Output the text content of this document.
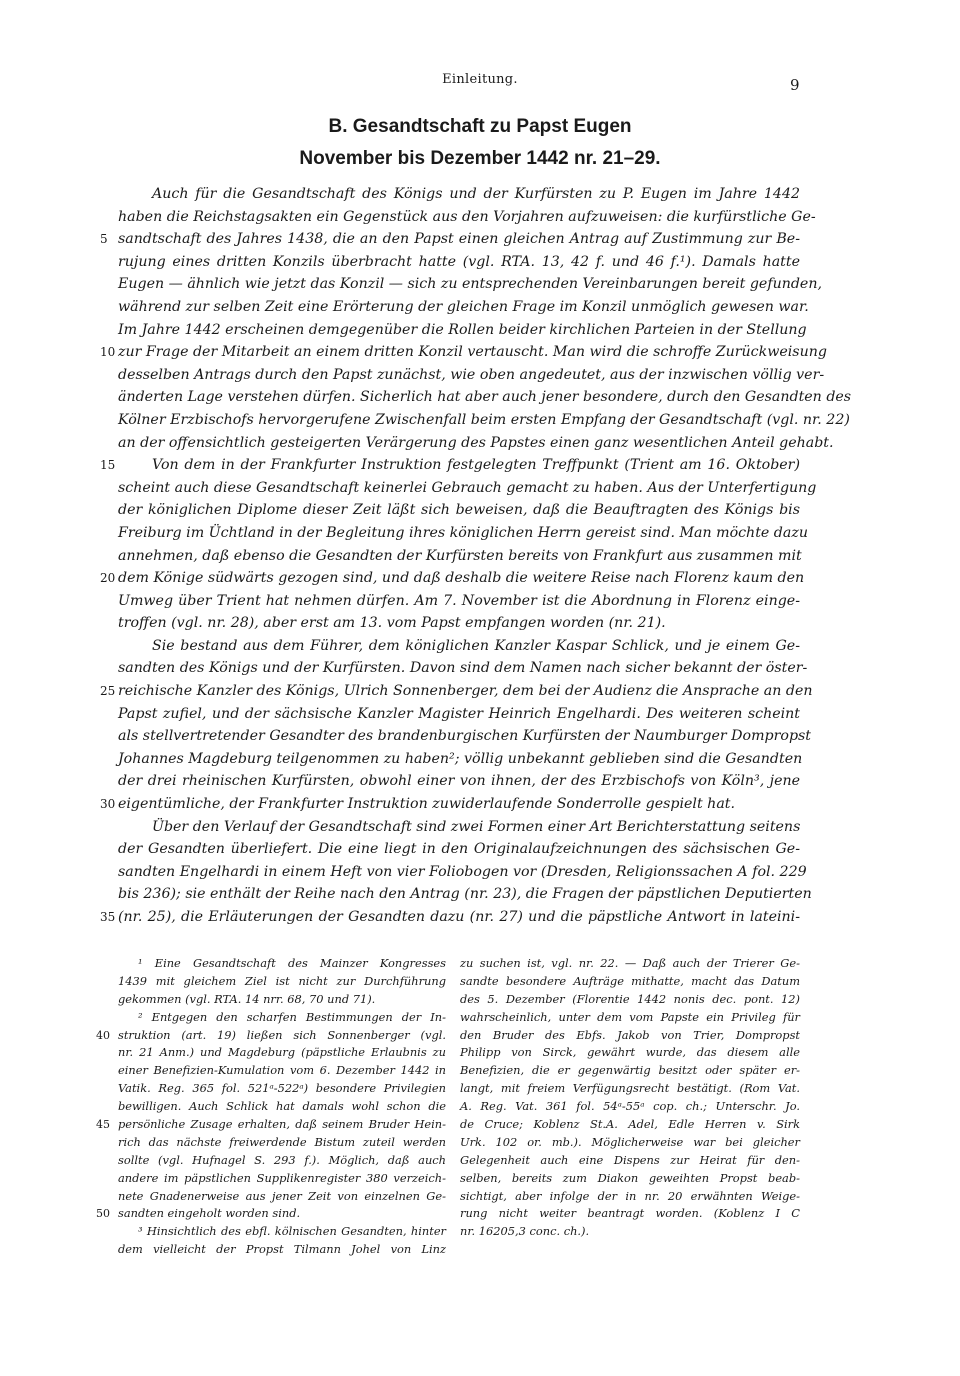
Einleitung.	9
B. Gesandtschaft zu Papst Eugen
November bis Dezember 1442 nr. 21–29.
Auch für die Gesandtschaft des Königs und der Kurfürsten zu P. Eugen im Jahre 1442
haben die Reichstagsakten ein Gegenstück aus den Vorjahren aufzuweisen: die kurfürstliche Ge-
5 sandtschaft des Jahres 1438, die an den Papst einen gleichen Antrag auf Zustimmung zur Be-
rujung eines dritten Konzils überbracht hatte (vgl. RTA. 13, 42 f. und 46 f.¹). Damals hatte
Eugen — ähnlich wie jetzt das Konzil — sich zu entsprechenden Vereinbarungen bereit gefunden,
während zur selben Zeit eine Erörterung der gleichen Frage im Konzil unmöglich gewesen war.
Im Jahre 1442 erscheinen demgegenüber die Rollen beider kirchlichen Parteien in der Stellung
10 zur Frage der Mitarbeit an einem dritten Konzil vertauscht. Man wird die schroffe Zurückweisung
desselben Antrags durch den Papst zunächst, wie oben angedeutet, aus der inzwischen völlig ver-
änderten Lage verstehen dürfen. Sicherlich hat aber auch jener besondere, durch den Gesandten des
Kölner Erzbischofs hervorgerufene Zwischenfall beim ersten Empfang der Gesandtschaft (vgl. nr. 22)
an der offensichtlich gesteigerten Verärgerung des Papstes einen ganz wesentlichen Anteil gehabt.
15	Von dem in der Frankfurter Instruktion festgelegten Treffpunkt (Trient am 16. Oktober)
scheint auch diese Gesandtschaft keinerlei Gebrauch gemacht zu haben. Aus der Unterfertigung
der königlichen Diplome dieser Zeit läßt sich beweisen, daß die Beauftragten des Königs bis
Freiburg im Üchtland in der Begleitung ihres königlichen Herrn gereist sind. Man möchte dazu
annehmen, daß ebenso die Gesandten der Kurfürsten bereits von Frankfurt aus zusammen mit
20 dem Könige südwärts gezogen sind, und daß deshalb die weitere Reise nach Florenz kaum den
Umweg über Trient hat nehmen dürfen. Am 7. November ist die Abordnung in Florenz einge-
troffen (vgl. nr. 28), aber erst am 13. vom Papst empfangen worden (nr. 21).
Sie bestand aus dem Führer, dem königlichen Kanzler Kaspar Schlick, und je einem Ge-
sandten des Königs und der Kurfürsten. Davon sind dem Namen nach sicher bekannt der öster-
25 reichische Kanzler des Königs, Ulrich Sonnenberger, dem bei der Audienz die Ansprache an den
Papst zufiel, und der sächsische Kanzler Magister Heinrich Engelhardi. Des weiteren scheint
als stellvertretender Gesandter des brandenburgischen Kurfürsten der Naumburger Dompropst
Johannes Magdeburg teilgenommen zu haben²; völlig unbekannt geblieben sind die Gesandten
der drei rheinischen Kurfürsten, obwohl einer von ihnen, der des Erzbischofs von Köln³, jene
30 eigentümliche, der Frankfurter Instruktion zuwiderlaufende Sonderrolle gespielt hat.
Über den Verlauf der Gesandtschaft sind zwei Formen einer Art Berichterstattung seitens
der Gesandten überliefert. Die eine liegt in den Originalaufzeichnungen des sächsischen Ge-
sandten Engelhardi in einem Heft von vier Foliobogen vor (Dresden, Religionssachen A fol. 229
bis 236); sie enthält der Reihe nach den Antrag (nr. 23), die Fragen der päpstlichen Deputierten
35 (nr. 25), die Erläuterungen der Gesandten dazu (nr. 27) und die päpstliche Antwort in lateini-
¹ Eine Gesandtschaft des Mainzer Kongresses
1439 mit gleichem Ziel ist nicht zur Durchführung
gekommen (vgl. RTA. 14 nrr. 68, 70 und 71).
² Entgegen den scharfen Bestimmungen der In-
40 struktion (art. 19) ließen sich Sonnenberger (vgl.
nr. 21 Anm.) und Magdeburg (päpstliche Erlaubnis zu
einer Benefizien-Kumulation vom 6. Dezember 1442 in
Vatik. Reg. 365 fol. 521ᵃ-522ᵃ) besondere Privilegien
bewilligen. Auch Schlick hat damals wohl schon die
45 persönliche Zusage erhalten, daß seinem Bruder Hein-
rich das nächste freiwerdende Bistum zuteil werden
sollte (vgl. Hufnagel S. 293 f.). Möglich, daß auch
andere im päpstlichen Supplikenregister 380 verzeich-
nete Gnadenerweise aus jener Zeit von einzelnen Ge-
50 sandten eingeholt worden sind.
³ Hinsichtlich des ebfl. kölnischen Gesandten, hinter
dem vielleicht der Propst Tilmann Johel von Linz
zu suchen ist, vgl. nr. 22. — Daß auch der Trierer Ge-
sandte besondere Aufträge mithatte, macht das Datum
des 5. Dezember (Florentie 1442 nonis dec. pont. 12)
wahrscheinlich, unter dem vom Papste ein Privileg für
den Bruder des Ebfs. Jakob von Trier, Dompropst
Philipp von Sirck, gewährt wurde, das diesem alle
Benefizien, die er gegenwärtig besitzt oder später er-
langt, mit freiem Verfügungsrecht bestätigt. (Rom Vat.
A. Reg. Vat. 361 fol. 54ᵃ-55ᵃ cop. ch.; Unterschr. Jo.
de Cruce; Koblenz St.A. Adel, Edle Herren v. Sirk
Urk. 102 or. mb.). Möglicherweise war bei gleicher
Gelegenheit auch eine Dispens zur Heirat für den-
selben, bereits zum Diakon geweihten Propst beab-
sichtigt, aber infolge der in nr. 20 erwähnten Weige-
rung nicht weiter beantragt worden. (Koblenz I C
nr. 16205,3 conc. ch.).
